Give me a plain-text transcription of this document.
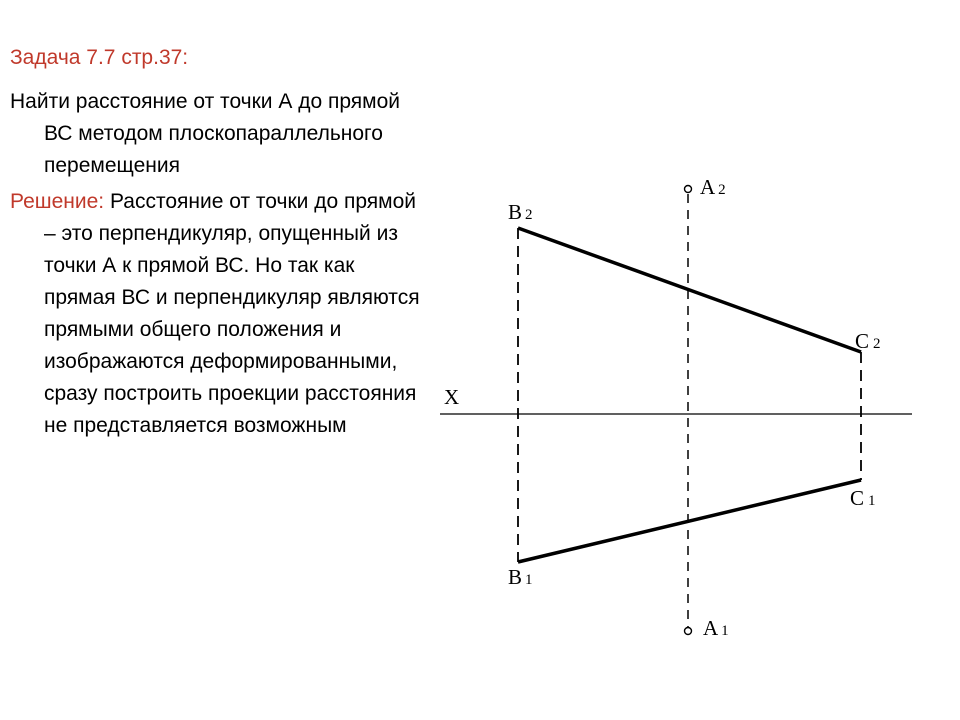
Задача 7.7 стр.37:
Найти расстояние от точки А до прямой ВС методом плоскопараллельного перемещения
Решение: Расстояние от точки до прямой – это перпендикуляр, опущенный из точки А к прямой ВС. Но так как прямая ВС и перпендикуляр являются прямыми общего положения и изображаются деформированными, сразу построить проекции расстояния не представляется возможным
X
A 2
B 2
C 2
C 1
B 1
A 1
